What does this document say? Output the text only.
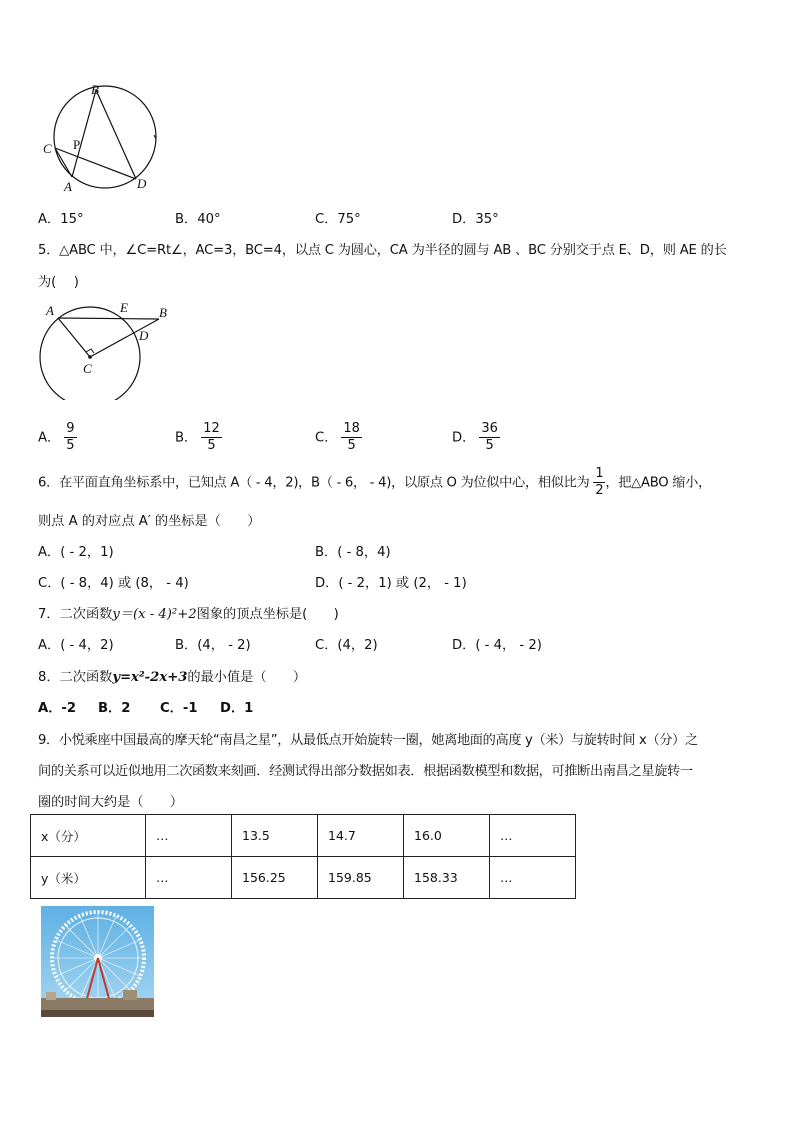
B
C P
A	D
A．15°	B．40°	C．75°	D．35°
5．△ABC 中，∠C=Rt∠，AC=3，BC=4，以点 C 为圆心，CA 为半径的圆与 AB 、BC 分别交于点 E、D，则 AE 的长
为(　 )
A	E B
D
C
A． $\frac{9}{5}$	B． $\frac{12}{5}$	C． $\frac{18}{5}$	D． $\frac{36}{5}$
6．在平面直角坐标系中，已知点 A（ - 4，2)，B（ - 6， - 4)，以原点 O 为位似中心，相似比为 $\frac{1}{2}$ ，把△ABO 缩小，
则点 A 的对应点 A′ 的坐标是（　　）
A．( - 2，1)	B．( - 8，4)
C．( - 8，4) 或 (8， - 4)	D．( - 2，1) 或 (2， - 1)
7．二次函数y＝(x - 4)²+2图象的顶点坐标是(　　)
A．( - 4，2)	B．(4， - 2)	C．(4，2)	D．( - 4， - 2)
8．二次函数y=x²-2x+3的最小值是（　　）
A．-2 B．2 C．-1 D．1
9．小悦乘座中国最高的摩天轮“南昌之星”，从最低点开始旋转一圈，她离地面的高度 y（米）与旋转时间 x（分）之
间的关系可以近似地用二次函数来刻画．经测试得出部分数据如表．根据函数模型和数据，可推断出南昌之星旋转一
圈的时间大约是（　　）
x（分）	…	13.5	14.7	16.0	…
y（米）	…	156.25	159.85	158.33	…
